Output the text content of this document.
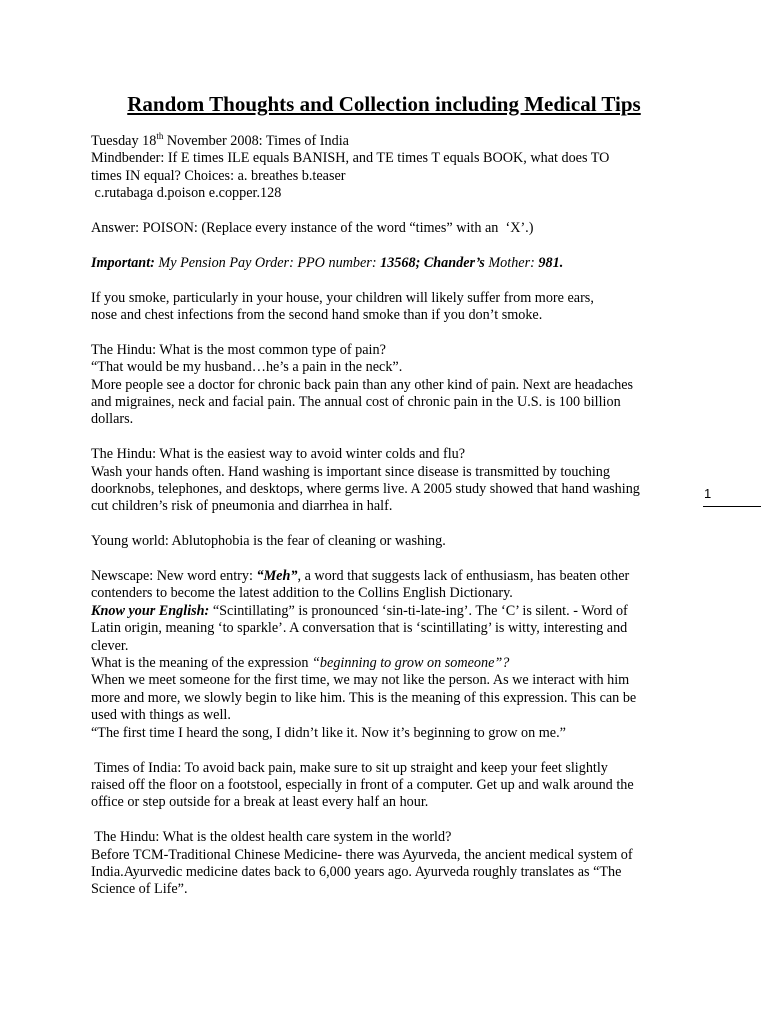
Random Thoughts and Collection including Medical Tips

Tuesday 18th November 2008: Times of India
Mindbender: If E times ILE equals BANISH, and TE times T equals BOOK, what does TO
times IN equal? Choices: a. breathes b.teaser
c.rutabaga d.poison e.copper.128

Answer: POISON: (Replace every instance of the word “times” with an  ‘X’.)

Important: My Pension Pay Order: PPO number: 13568; Chander’s Mother: 981.

If you smoke, particularly in your house, your children will likely suffer from more ears,
nose and chest infections from the second hand smoke than if you don’t smoke.

The Hindu: What is the most common type of pain?
“That would be my husband…he’s a pain in the neck”.
More people see a doctor for chronic back pain than any other kind of pain. Next are headaches
and migraines, neck and facial pain. The annual cost of chronic pain in the U.S. is 100 billion
dollars.

The Hindu: What is the easiest way to avoid winter colds and flu?
Wash your hands often. Hand washing is important since disease is transmitted by touching
doorknobs, telephones, and desktops, where germs live. A 2005 study showed that hand washing
cut children’s risk of pneumonia and diarrhea in half.

Young world: Ablutophobia is the fear of cleaning or washing.

Newscape: New word entry: “Meh”, a word that suggests lack of enthusiasm, has beaten other
contenders to become the latest addition to the Collins English Dictionary.
Know your English: “Scintillating” is pronounced ‘sin-ti-late-ing’. The ‘C’ is silent. - Word of
Latin origin, meaning ‘to sparkle’. A conversation that is ‘scintillating’ is witty, interesting and
clever.
What is the meaning of the expression “beginning to grow on someone”?
When we meet someone for the first time, we may not like the person. As we interact with him
more and more, we slowly begin to like him. This is the meaning of this expression. This can be
used with things as well.
“The first time I heard the song, I didn’t like it. Now it’s beginning to grow on me.”

Times of India: To avoid back pain, make sure to sit up straight and keep your feet slightly
raised off the floor on a footstool, especially in front of a computer. Get up and walk around the
office or step outside for a break at least every half an hour.

The Hindu: What is the oldest health care system in the world?
Before TCM-Traditional Chinese Medicine- there was Ayurveda, the ancient medical system of
India.Ayurvedic medicine dates back to 6,000 years ago. Ayurveda roughly translates as “The
Science of Life”.

1
